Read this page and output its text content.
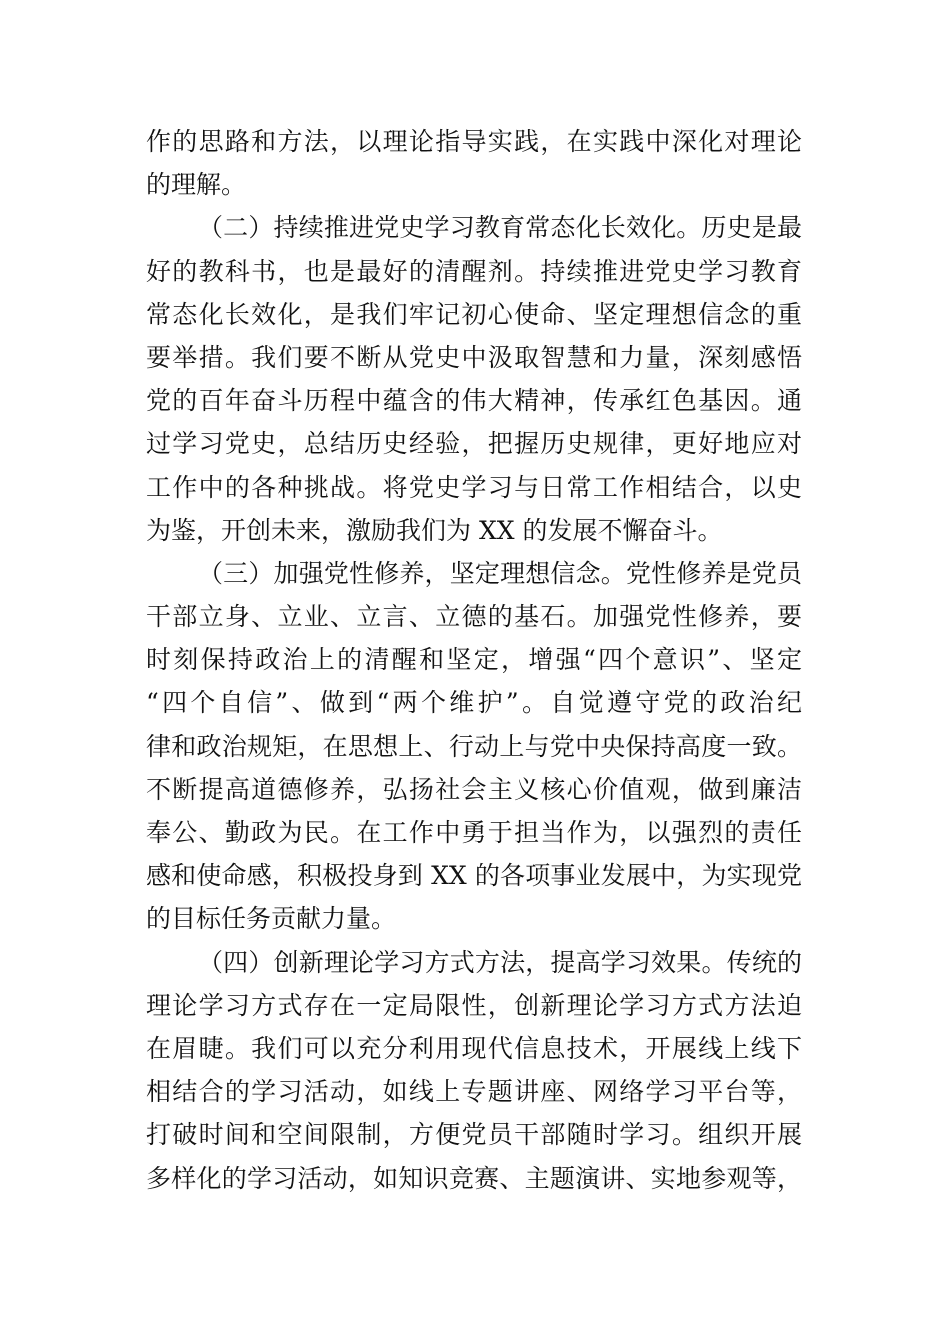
作的思路和方法，以理论指导实践，在实践中深化对理论
的理解。
（二）持续推进党史学习教育常态化长效化。历史是最
好的教科书，也是最好的清醒剂。持续推进党史学习教育
常态化长效化，是我们牢记初心使命、坚定理想信念的重
要举措。我们要不断从党史中汲取智慧和力量，深刻感悟
党的百年奋斗历程中蕴含的伟大精神，传承红色基因。通
过学习党史，总结历史经验，把握历史规律，更好地应对
工作中的各种挑战。将党史学习与日常工作相结合，以史
为鉴，开创未来，激励我们为 XX 的发展不懈奋斗。
（三）加强党性修养，坚定理想信念。党性修养是党员
干部立身、立业、立言、立德的基石。加强党性修养，要
时刻保持政治上的清醒和坚定，增强“四个意识”、坚定
“四个自信”、做到“两个维护”。自觉遵守党的政治纪
律和政治规矩，在思想上、行动上与党中央保持高度一致。
不断提高道德修养，弘扬社会主义核心价值观，做到廉洁
奉公、勤政为民。在工作中勇于担当作为，以强烈的责任
感和使命感，积极投身到 XX 的各项事业发展中，为实现党
的目标任务贡献力量。
（四）创新理论学习方式方法，提高学习效果。传统的
理论学习方式存在一定局限性，创新理论学习方式方法迫
在眉睫。我们可以充分利用现代信息技术，开展线上线下
相结合的学习活动，如线上专题讲座、网络学习平台等，
打破时间和空间限制，方便党员干部随时学习。组织开展
多样化的学习活动，如知识竞赛、主题演讲、实地参观等，
